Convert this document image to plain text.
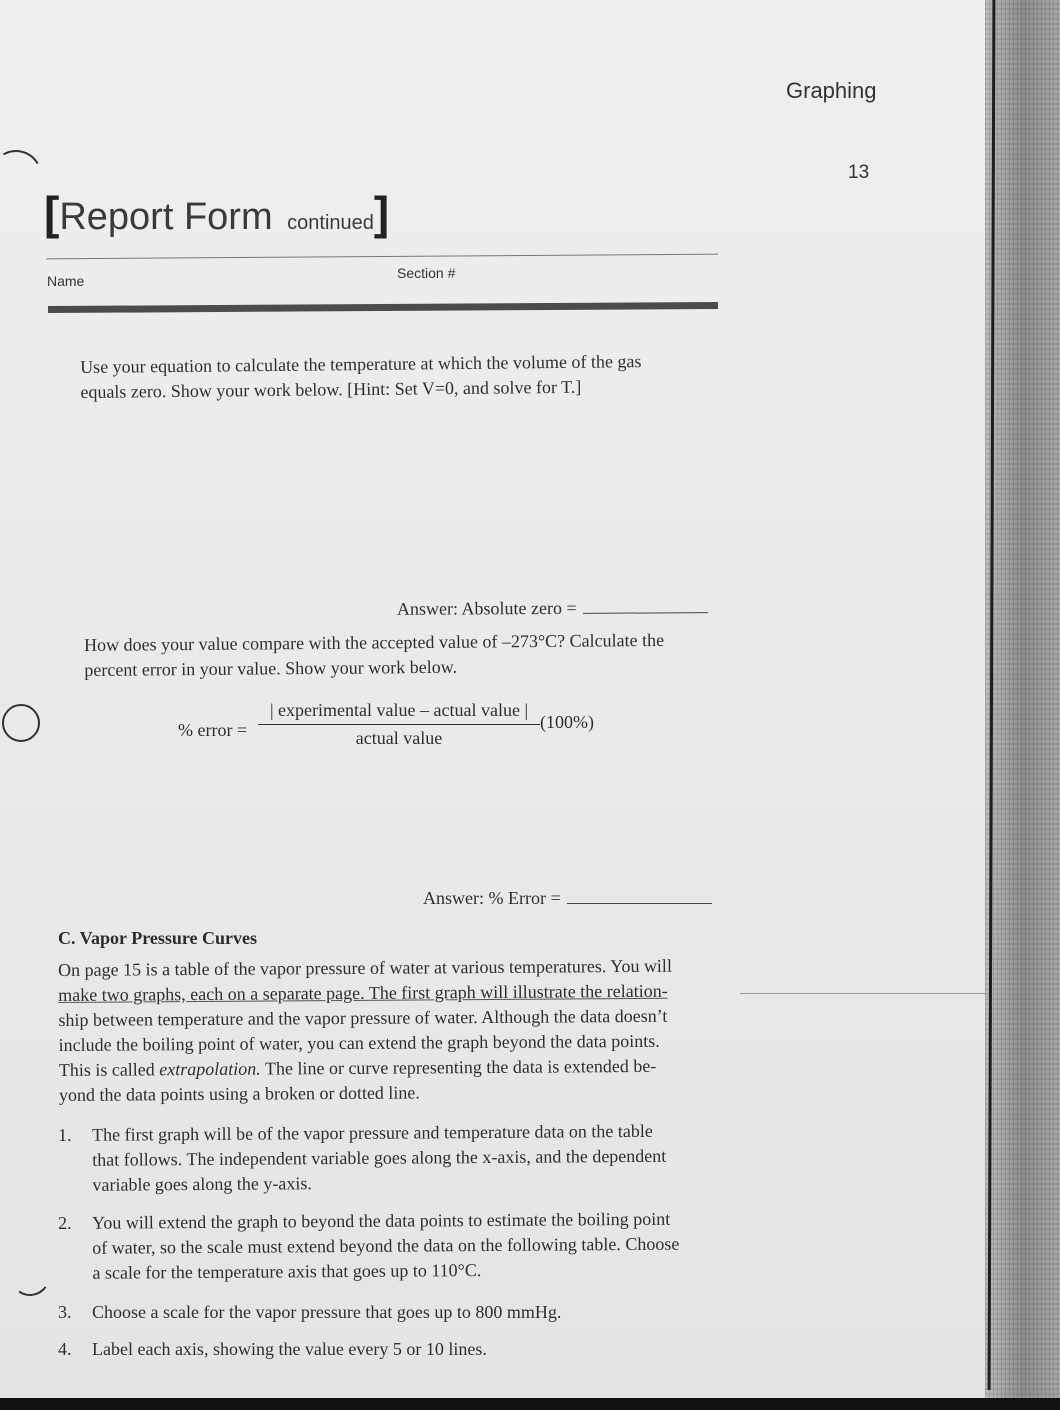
Graphing
13
[Report Form continued]
Name	Section #
Use your equation to calculate the temperature at which the volume of the gas
equals zero. Show your work below. [Hint: Set V=0, and solve for T.]
Answer: Absolute zero =
How does your value compare with the accepted value of –273°C? Calculate the
percent error in your value. Show your work below.
% error =
| experimental value – actual value |
actual value
(100%)
Answer: % Error =
C. Vapor Pressure Curves
On page 15 is a table of the vapor pressure of water at various temperatures. You will
make two graphs, each on a separate page. The first graph will illustrate the relation-
ship between temperature and the vapor pressure of water. Although the data doesn’t
include the boiling point of water, you can extend the graph beyond the data points.
This is called extrapolation. The line or curve representing the data is extended be-
yond the data points using a broken or dotted line.
1. The first graph will be of the vapor pressure and temperature data on the table
that follows. The independent variable goes along the x-axis, and the dependent
variable goes along the y-axis.
2. You will extend the graph to beyond the data points to estimate the boiling point
of water, so the scale must extend beyond the data on the following table. Choose
a scale for the temperature axis that goes up to 110°C.
3. Choose a scale for the vapor pressure that goes up to 800 mmHg.
4. Label each axis, showing the value every 5 or 10 lines.
